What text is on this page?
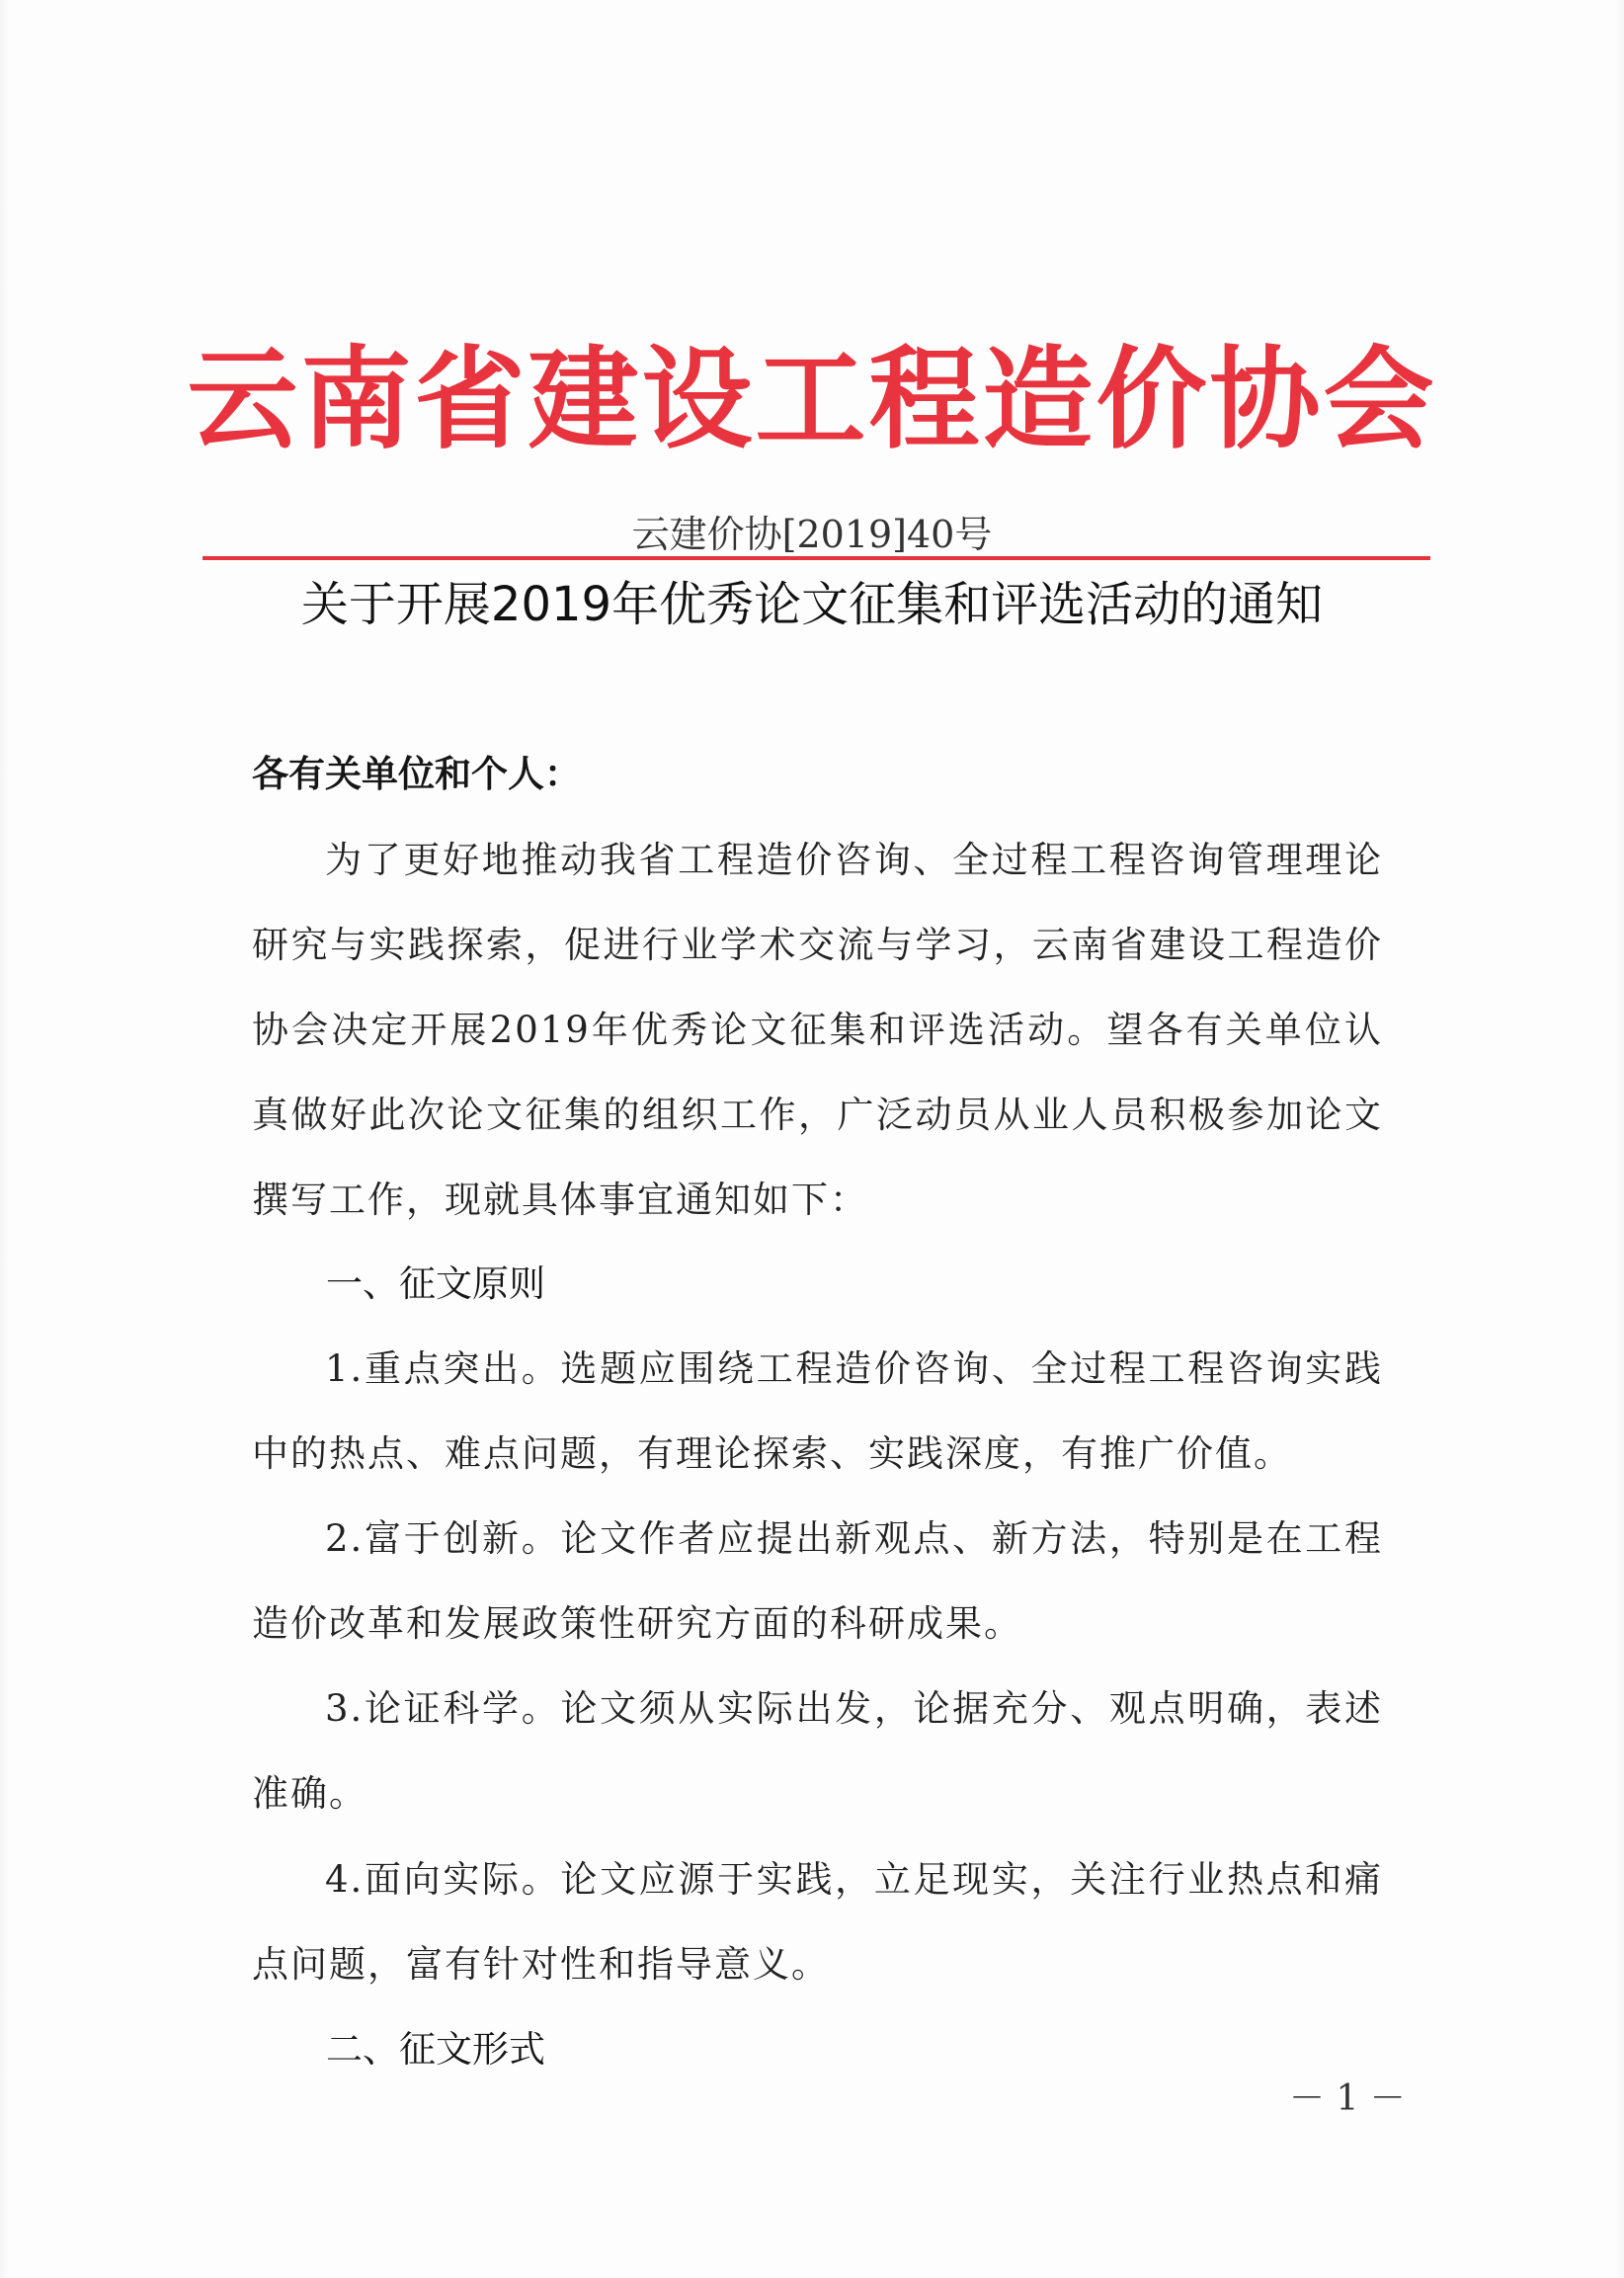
云南省建设工程造价协会
云建价协[2019]40号
关于开展2019年优秀论文征集和评选活动的通知
各有关单位和个人：

为了更好地推动我省工程造价咨询、全过程工程咨询管理理论研究与实践探索，促进行业学术交流与学习，云南省建设工程造价协会决定开展2019年优秀论文征集和评选活动。望各有关单位认真做好此次论文征集的组织工作，广泛动员从业人员积极参加论文撰写工作，现就具体事宜通知如下：

一、征文原则

1.重点突出。选题应围绕工程造价咨询、全过程工程咨询实践中的热点、难点问题，有理论探索、实践深度，有推广价值。

2.富于创新。论文作者应提出新观点、新方法，特别是在工程造价改革和发展政策性研究方面的科研成果。

3.论证科学。论文须从实际出发，论据充分、观点明确，表述准确。

4.面向实际。论文应源于实践，立足现实，关注行业热点和痛点问题，富有针对性和指导意义。

二、征文形式
－ 1 －
